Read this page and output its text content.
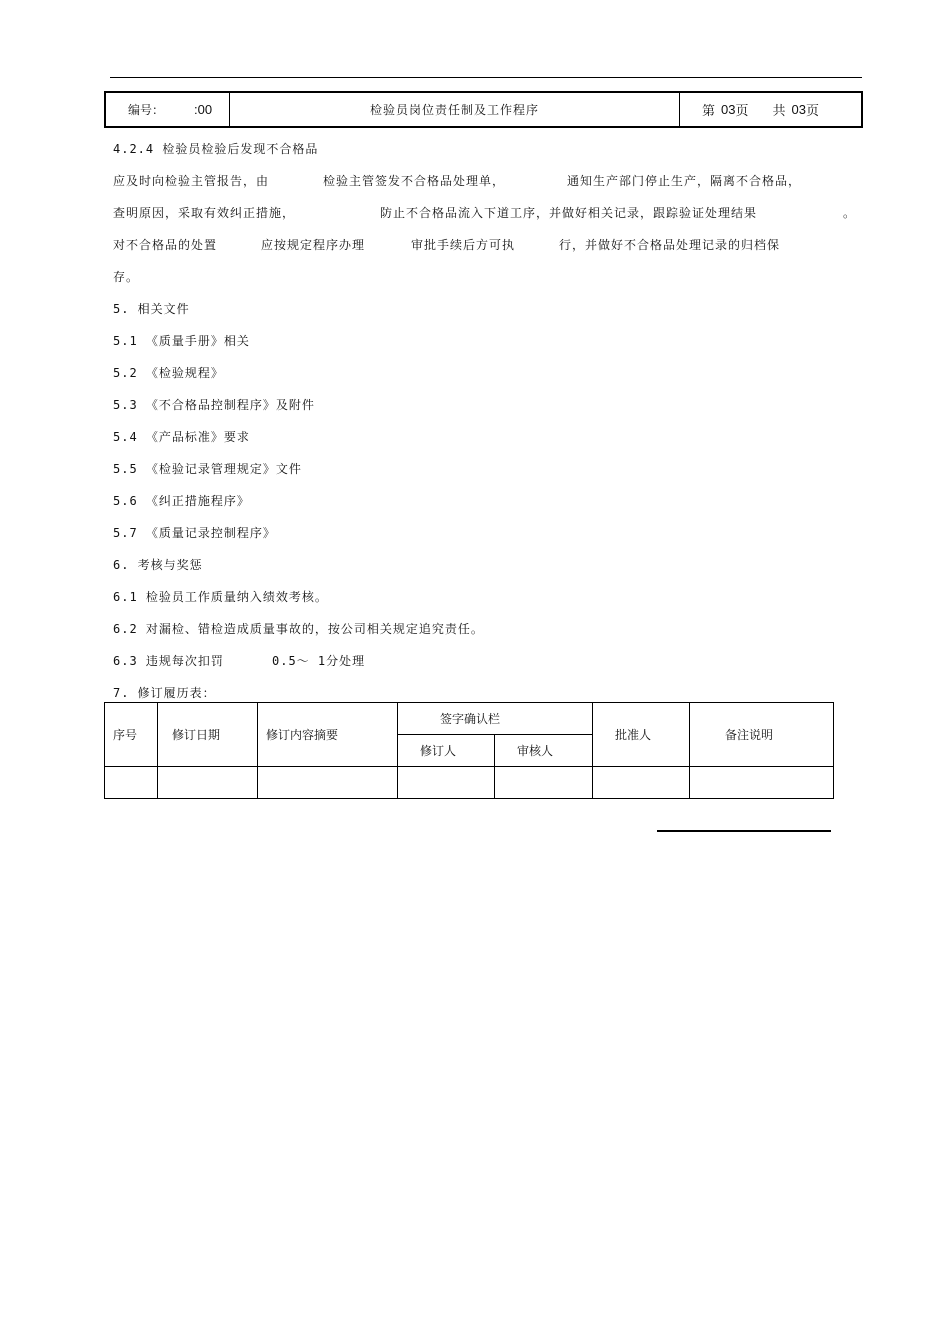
编号： :00	检验员岗位责任制及工作程序	第 03 页 共 03 页
4.2.4 检验员检验后发现不合格品
应及时向检验主管报告，由	检验主管签发不合格品处理单，	通知生产部门停止生产，隔离不合格品，
查明原因，采取有效纠正措施，	防止不合格品流入下道工序，并做好相关记录，跟踪验证处理结果	。
对不合格品的处置	应按规定程序办理	审批手续后方可执	行，并做好不合格品处理记录的归档保
存。
5. 相关文件
5.1 《质量手册》相关
5.2 《检验规程》
5.3 《不合格品控制程序》及附件
5.4 《产品标准》要求
5.5 《检验记录管理规定》文件
5.6 《纠正措施程序》
5.7 《质量记录控制程序》
6. 考核与奖惩
6.1 检验员工作质量纳入绩效考核。
6.2 对漏检、错检造成质量事故的，按公司相关规定追究责任。
6.3 违规每次扣罚	0.5～ 1分处理
7. 修订履历表：
序号	修订日期	修订内容摘要	签字确认栏		批准人	备注说明
			修订人	审核人		
